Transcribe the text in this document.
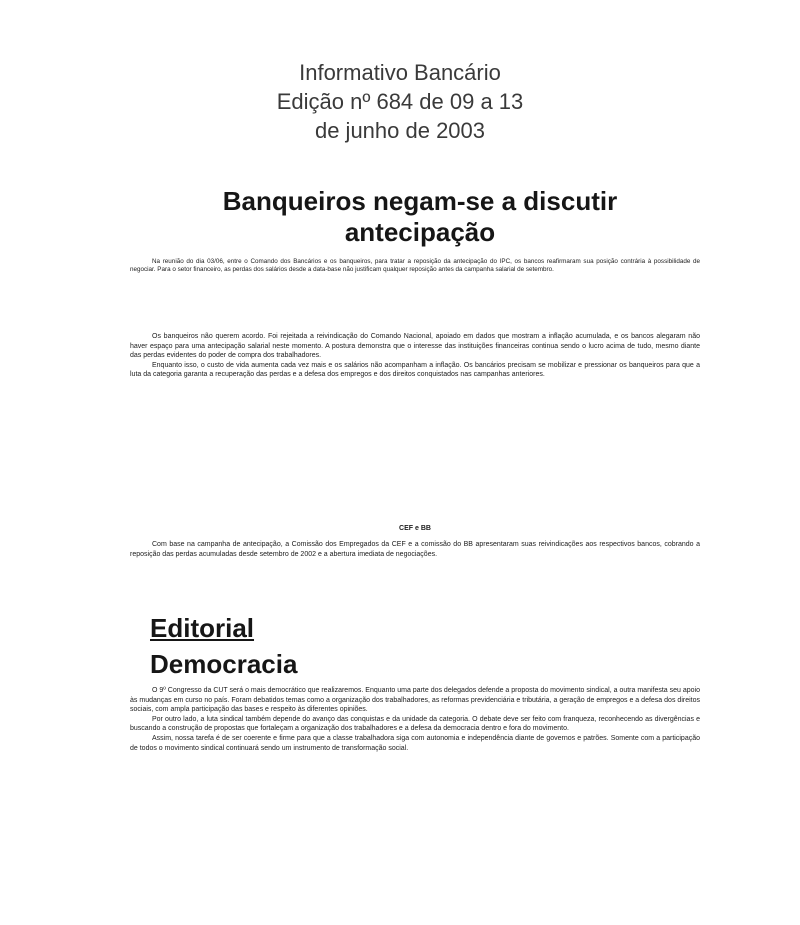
Informativo Bancário
Edição nº 684 de 09 a 13
de junho de 2003
Banqueiros negam-se a discutir antecipação
Na reunião do dia 03/06, entre o Comando dos Bancários e os banqueiros, para tratar a reposição da antecipação do IPC, os bancos reafirmaram sua posição contrária à possibilidade de negociar. Para o setor financeiro, as perdas dos salários desde a data-base não justificam qualquer reposição antes da campanha salarial de setembro.

Os banqueiros não querem acordo. Foi rejeitada a reivindicação do Comando Nacional, apoiado em dados que mostram a inflação acumulada, e os bancos alegaram não haver espaço para uma antecipação salarial neste momento. A postura demonstra que o interesse das instituições financeiras continua sendo o lucro acima de tudo, mesmo diante das perdas evidentes do poder de compra dos trabalhadores.

Enquanto isso, o custo de vida aumenta cada vez mais e os salários não acompanham a inflação. Os bancários precisam se mobilizar e pressionar os banqueiros para que a luta da categoria garanta a recuperação das perdas e a defesa dos empregos e dos direitos conquistados nas campanhas anteriores.

CEF e BB

Com base na campanha de antecipação, a Comissão dos Empregados da CEF e a comissão do BB apresentaram suas reivindicações aos respectivos bancos, cobrando a reposição das perdas acumuladas desde setembro de 2002 e a abertura imediata de negociações.

Editorial
Democracia

O 9º Congresso da CUT será o mais democrático que realizaremos. Enquanto uma parte dos delegados defende a proposta do movimento sindical, a outra manifesta seu apoio às mudanças em curso no país. Foram debatidos temas como a organização dos trabalhadores, as reformas previdenciária e tributária, a geração de empregos e a defesa dos direitos sociais, com ampla participação das bases e respeito às diferentes opiniões.

Por outro lado, a luta sindical também depende do avanço das conquistas e da unidade da categoria. O debate deve ser feito com franqueza, reconhecendo as divergências e buscando a construção de propostas que fortaleçam a organização dos trabalhadores e a defesa da democracia dentro e fora do movimento.

Assim, nossa tarefa é de ser coerente e firme para que a classe trabalhadora siga com autonomia e independência diante de governos e patrões. Somente com a participação de todos o movimento sindical continuará sendo um instrumento de transformação social.
